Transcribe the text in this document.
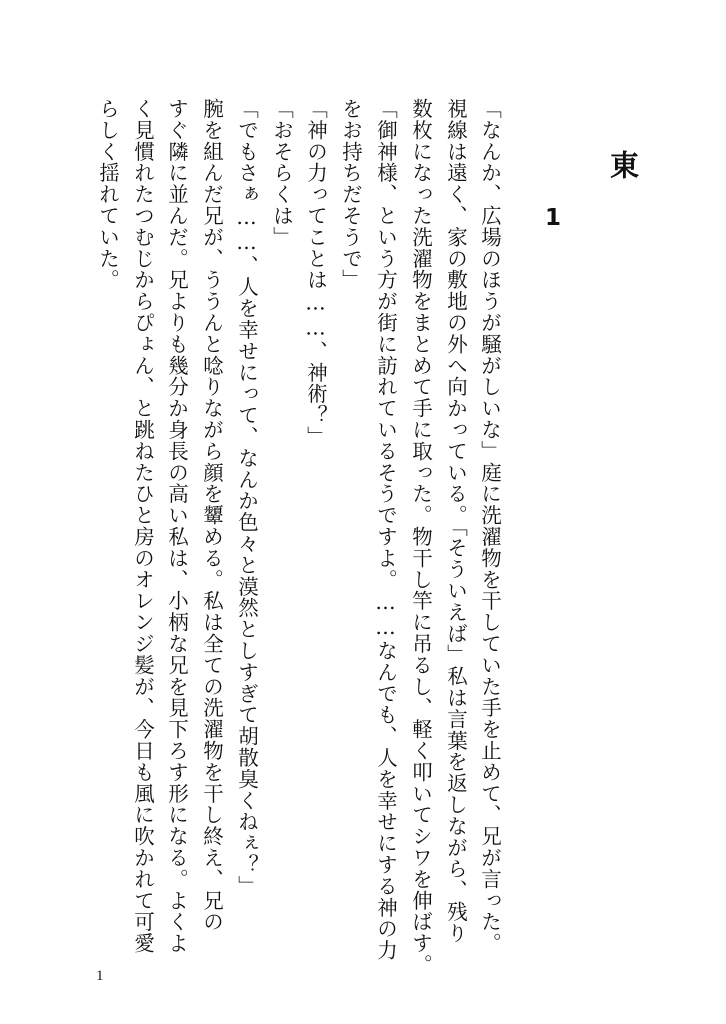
東
1
「なんか、広場のほうが騒がしいな」庭に洗濯物を干していた手を止めて、兄が言った。
視線は遠く、家の敷地の外へ向かっている。「そういえば」私は言葉を返しながら、残り
数枚になった洗濯物をまとめて手に取った。物干し竿に吊るし、軽く叩いてシワを伸ばす。
「御神様、という方が街に訪れているそうですよ。……なんでも、人を幸せにする神の力
をお持ちだそうで」
「神の力ってことは……、神術？」
「おそらくは」
「でもさぁ……、人を幸せにって、なんか色々と漠然としすぎて胡散臭くねぇ？」
腕を組んだ兄が、ううんと唸りながら顔を顰める。私は全ての洗濯物を干し終え、兄の
すぐ隣に並んだ。兄よりも幾分か身長の高い私は、小柄な兄を見下ろす形になる。よくよ
く見慣れたつむじからぴょん、と跳ねたひと房のオレンジ髪が、今日も風に吹かれて可愛
らしく揺れていた。
1
